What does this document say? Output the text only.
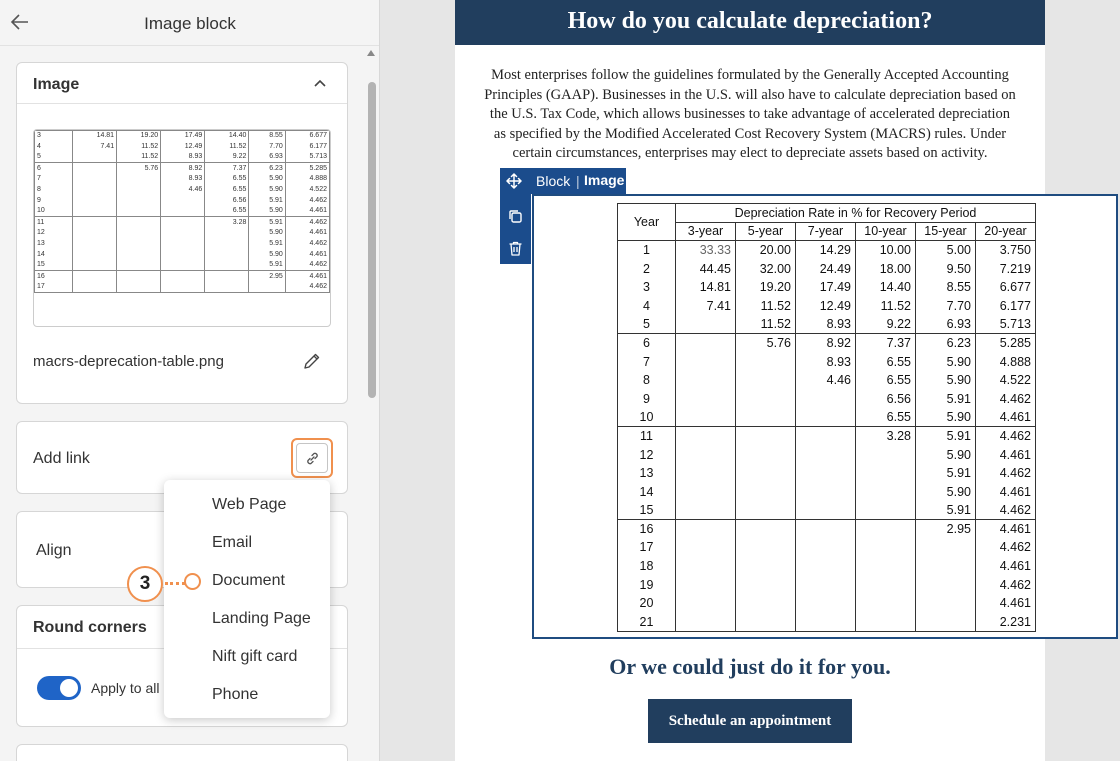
Image block
Image
3	14.81	19.20	17.49	14.40	8.55	6.677
4	7.41	11.52	12.49	11.52	7.70	6.177
5		11.52	8.93	9.22	6.93	5.713
6		5.76	8.92	7.37	6.23	5.285
7			8.93	6.55	5.90	4.888
8			4.46	6.55	5.90	4.522
9				6.56	5.91	4.462
10				6.55	5.90	4.461
11				3.28	5.91	4.462
12					5.90	4.461
13					5.91	4.462
14					5.90	4.461
15					5.91	4.462
16					2.95	4.461
17						4.462
macrs-deprecation-table.png
Add link
Align
Round corners
Apply to all
Web Page
Email
Document
Landing Page
Nift gift card
Phone
3
How do you calculate depreciation?
Most enterprises follow the guidelines formulated by the Generally Accepted Accounting Principles (GAAP). Businesses in the U.S. will also have to calculate depreciation based on the U.S. Tax Code, which allows businesses to take advantage of accelerated depreciation as specified by the Modified Accelerated Cost Recovery System (MACRS) rules. Under certain circumstances, enterprises may elect to depreciate assets based on activity.
Year	Depreciation Rate in % for Recovery Period					
	3-year	5-year	7-year	10-year	15-year	20-year
1	33.33	20.00	14.29	10.00	5.00	3.750
2	44.45	32.00	24.49	18.00	9.50	7.219
3	14.81	19.20	17.49	14.40	8.55	6.677
4	7.41	11.52	12.49	11.52	7.70	6.177
5		11.52	8.93	9.22	6.93	5.713
6		5.76	8.92	7.37	6.23	5.285
7			8.93	6.55	5.90	4.888
8			4.46	6.55	5.90	4.522
9				6.56	5.91	4.462
10				6.55	5.90	4.461
11				3.28	5.91	4.462
12					5.90	4.461
13					5.91	4.462
14					5.90	4.461
15					5.91	4.462
16					2.95	4.461
17						4.462
18						4.461
19						4.462
20						4.461
21						2.231
Block | Image
Or we could just do it for you.
Schedule an appointment
